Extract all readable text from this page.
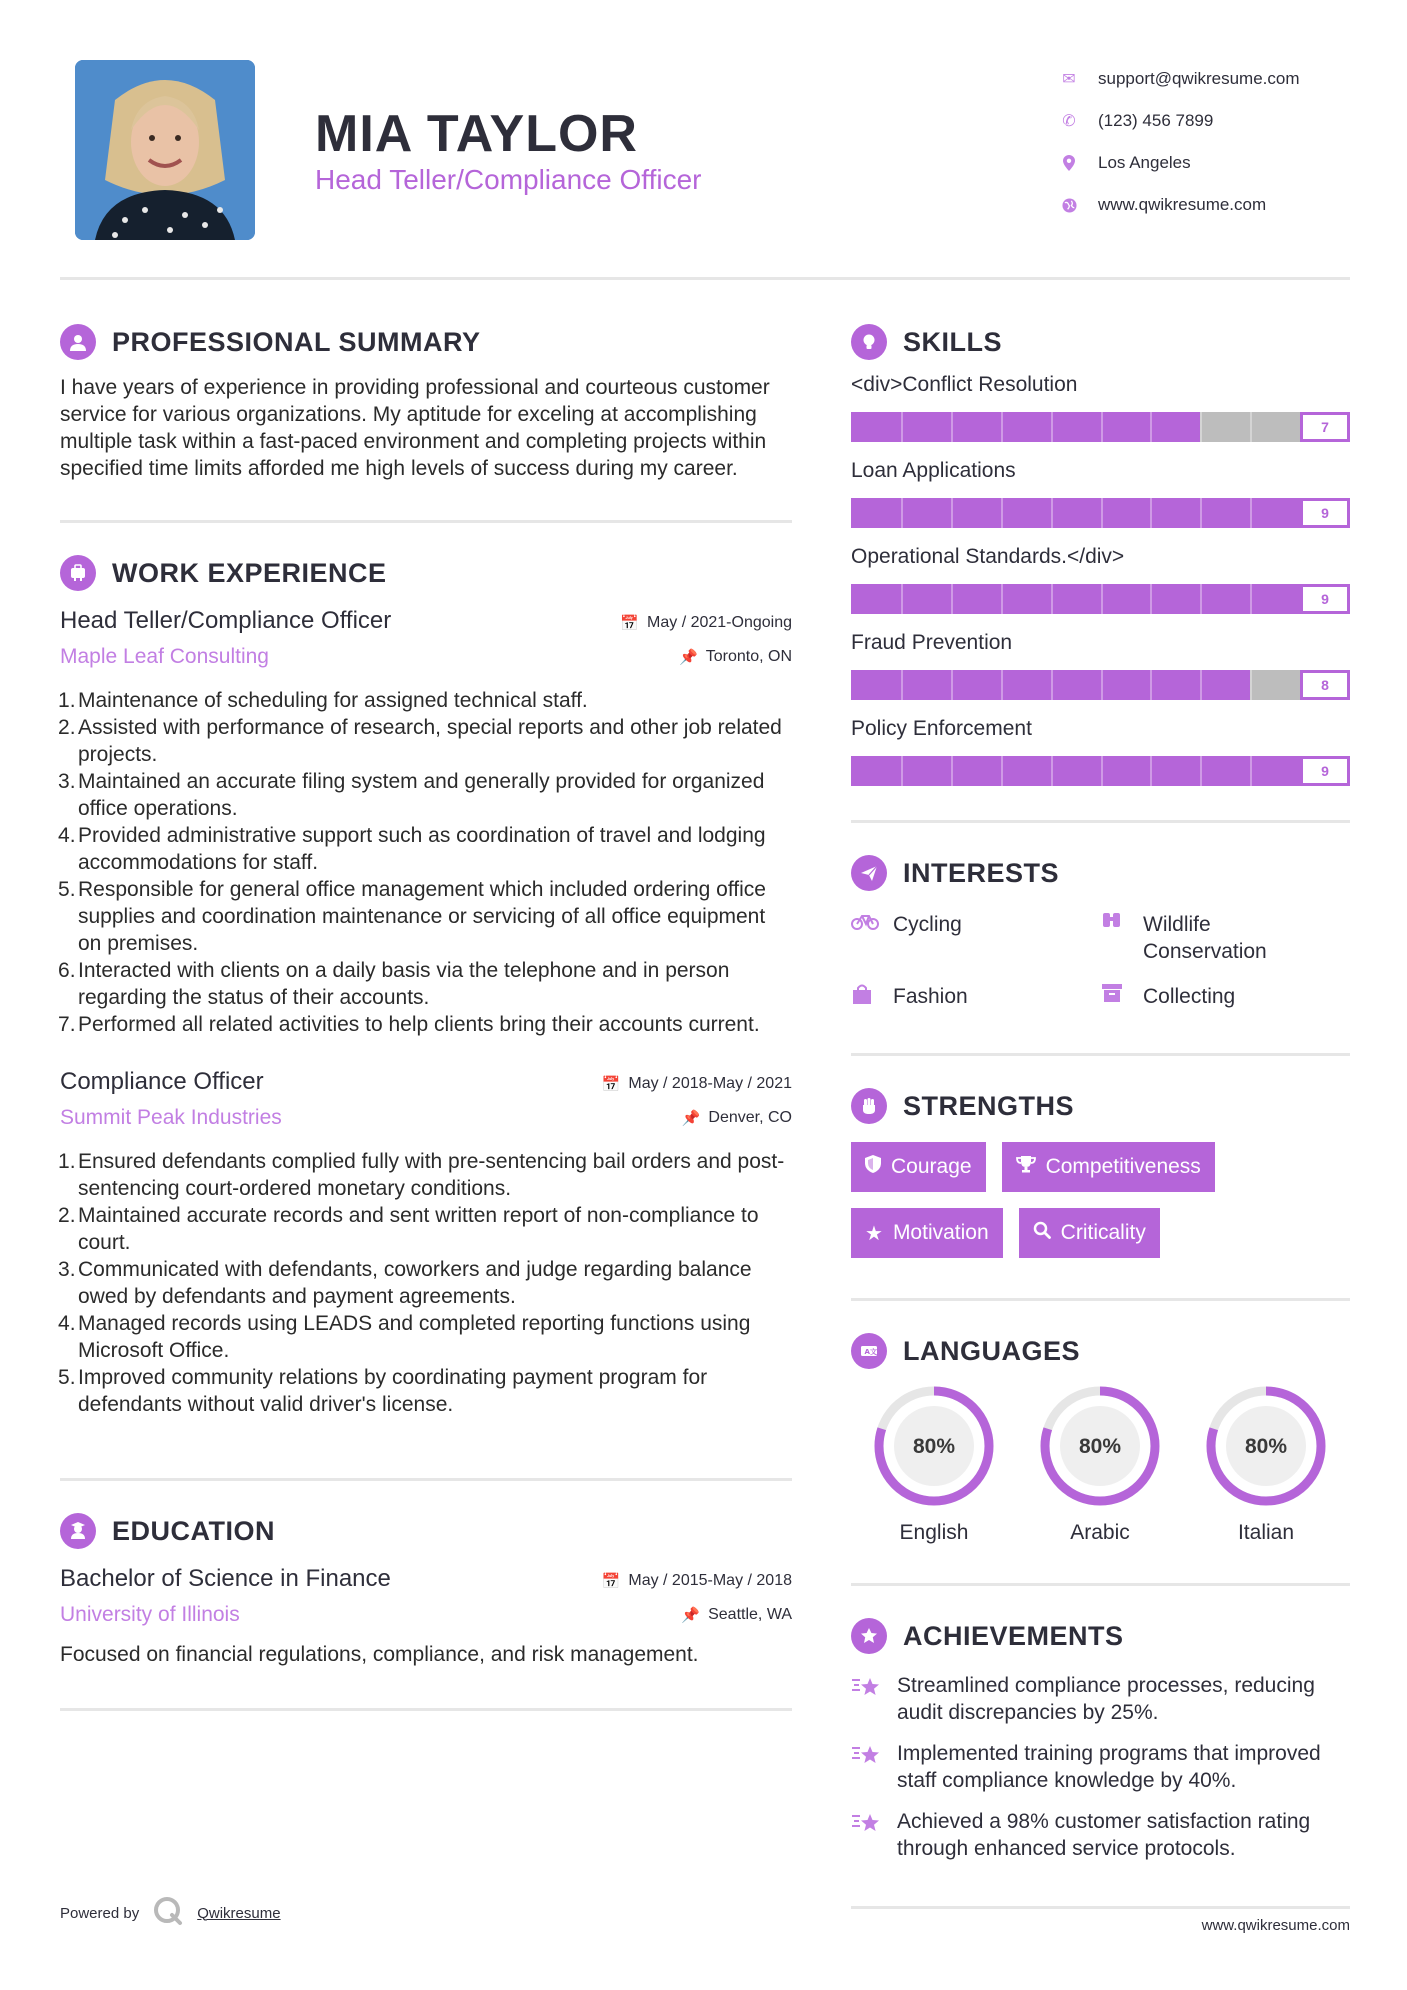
MIA TAYLOR
Head Teller/Compliance Officer
✉	support@qwikresume.com
✆	(123) 456 7899
Los Angeles
www.qwikresume.com
PROFESSIONAL SUMMARY

I have years of experience in providing professional and courteous customer service for various organizations. My aptitude for exceling at accomplishing multiple task within a fast-paced environment and completing projects within specified time limits afforded me high levels of success during my career.

WORK EXPERIENCE
Head Teller/Compliance Officer	📅 May / 2021-Ongoing
Maple Leaf Consulting	📌 Toronto, ON
Maintenance of scheduling for assigned technical staff.
Assisted with performance of research, special reports and other job related projects.
Maintained an accurate filing system and generally provided for organized office operations.
Provided administrative support such as coordination of travel and lodging accommodations for staff.
Responsible for general office management which included ordering office supplies and coordination maintenance or servicing of all office equipment on premises.
Interacted with clients on a daily basis via the telephone and in person regarding the status of their accounts.
Performed all related activities to help clients bring their accounts current.
Compliance Officer	📅 May / 2018-May / 2021
Summit Peak Industries	📌 Denver, CO
Ensured defendants complied fully with pre-sentencing bail orders and post-sentencing court-ordered monetary conditions.
Maintained accurate records and sent written report of non-compliance to court.
Communicated with defendants, coworkers and judge regarding balance owed by defendants and payment agreements.
Managed records using LEADS and completed reporting functions using Microsoft Office.
Improved community relations by coordinating payment program for defendants without valid driver's license.
EDUCATION
Bachelor of Science in Finance	📅 May / 2015-May / 2018
University of Illinois	📌 Seattle, WA

Focused on financial regulations, compliance, and risk management.

SKILLS
<div>Conflict Resolution
7
Loan Applications
9
Operational Standards.</div>
9
Fraud Prevention
8
Policy Enforcement
9
INTERESTS
Cycling	Wildlife Conservation
Fashion	Collecting
STRENGTHS
Courage	Competitiveness
★ Motivation	Criticality
A 文 LANGUAGES
80%
English
80%
Arabic
80%
Italian
ACHIEVEMENTS
Streamlined compliance processes, reducing audit discrepancies by 25%.
Implemented training programs that improved staff compliance knowledge by 40%.
Achieved a 98% customer satisfaction rating through enhanced service protocols.
Powered by	Qwikresume
www.qwikresume.com
